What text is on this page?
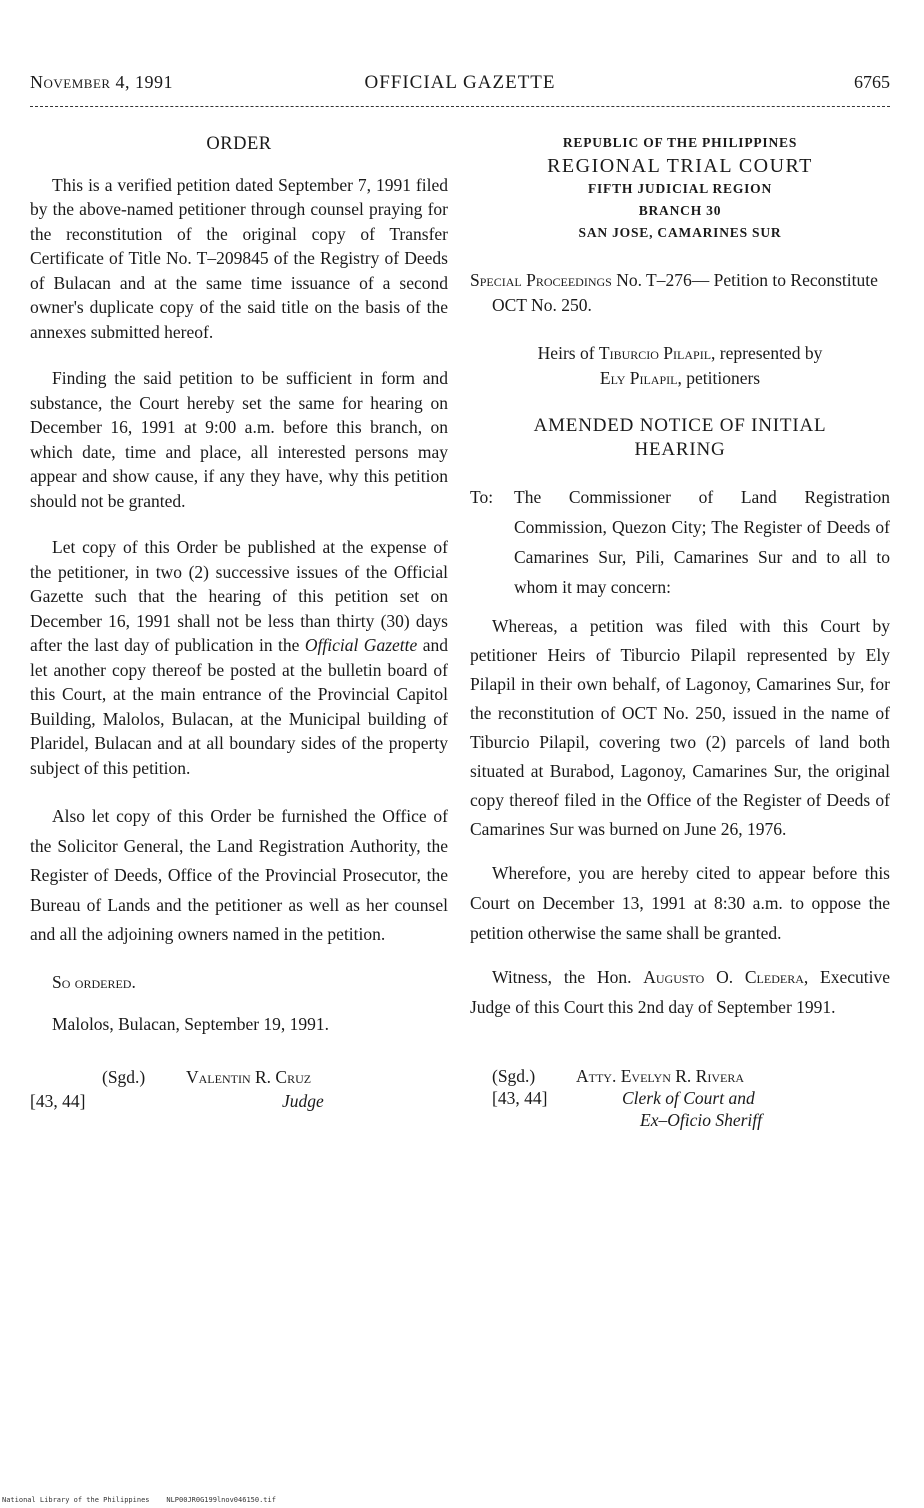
November 4, 1991	OFFICIAL GAZETTE	6765
ORDER

This is a verified petition dated September 7, 1991 filed by the above-named petitioner through counsel praying for the reconstitution of the original copy of Transfer Certificate of Title No. T–209845 of the Registry of Deeds of Bulacan and at the same time issuance of a second owner's duplicate copy of the said title on the basis of the annexes submitted hereof.

Finding the said petition to be sufficient in form and substance, the Court hereby set the same for hearing on December 16, 1991 at 9:00 a.m. before this branch, on which date, time and place, all interested persons may appear and show cause, if any they have, why this petition should not be granted.

Let copy of this Order be published at the expense of the petitioner, in two (2) successive issues of the Official Gazette such that the hearing of this petition set on December 16, 1991 shall not be less than thirty (30) days after the last day of publication in the Official Gazette and let another copy thereof be posted at the bulletin board of this Court, at the main entrance of the Provincial Capitol Building, Malolos, Bulacan, at the Municipal building of Plaridel, Bulacan and at all boundary sides of the property subject of this petition.

Also let copy of this Order be furnished the Office of the Solicitor General, the Land Registration Authority, the Register of Deeds, Office of the Provincial Prosecutor, the Bureau of Lands and the petitioner as well as her counsel and all the adjoining owners named in the petition.

So ordered.

Malolos, Bulacan, September 19, 1991.

(Sgd.) Valentin R. Cruz
[43, 44]	Judge
REPUBLIC OF THE PHILIPPINES
REGIONAL TRIAL COURT
FIFTH JUDICIAL REGION
BRANCH 30
SAN JOSE, CAMARINES SUR

Special Proceedings No. T–276— Petition to Reconstitute OCT No. 250.

Heirs of Tiburcio Pilapil, represented by
Ely Pilapil, petitioners

AMENDED NOTICE OF INITIAL
HEARING
To:	The Commissioner of Land Registration Commission, Quezon City; The Register of Deeds of Camarines Sur, Pili, Camarines Sur and to all to whom it may concern:

Whereas, a petition was filed with this Court by petitioner Heirs of Tiburcio Pilapil represented by Ely Pilapil in their own behalf, of Lagonoy, Camarines Sur, for the reconstitution of OCT No. 250, issued in the name of Tiburcio Pilapil, covering two (2) parcels of land both situated at Burabod, Lagonoy, Camarines Sur, the original copy thereof filed in the Office of the Register of Deeds of Camarines Sur was burned on June 26, 1976.

Wherefore, you are hereby cited to appear before this Court on December 13, 1991 at 8:30 a.m. to oppose the petition otherwise the same shall be granted.

Witness, the Hon. Augusto O. Cledera, Executive Judge of this Court this 2nd day of September 1991.

(Sgd.) Atty. Evelyn R. Rivera
[43, 44]	Clerk of Court and
Ex–Oficio Sheriff
National Library of the Philippines NLP00JR0G199lnov046150.tif
